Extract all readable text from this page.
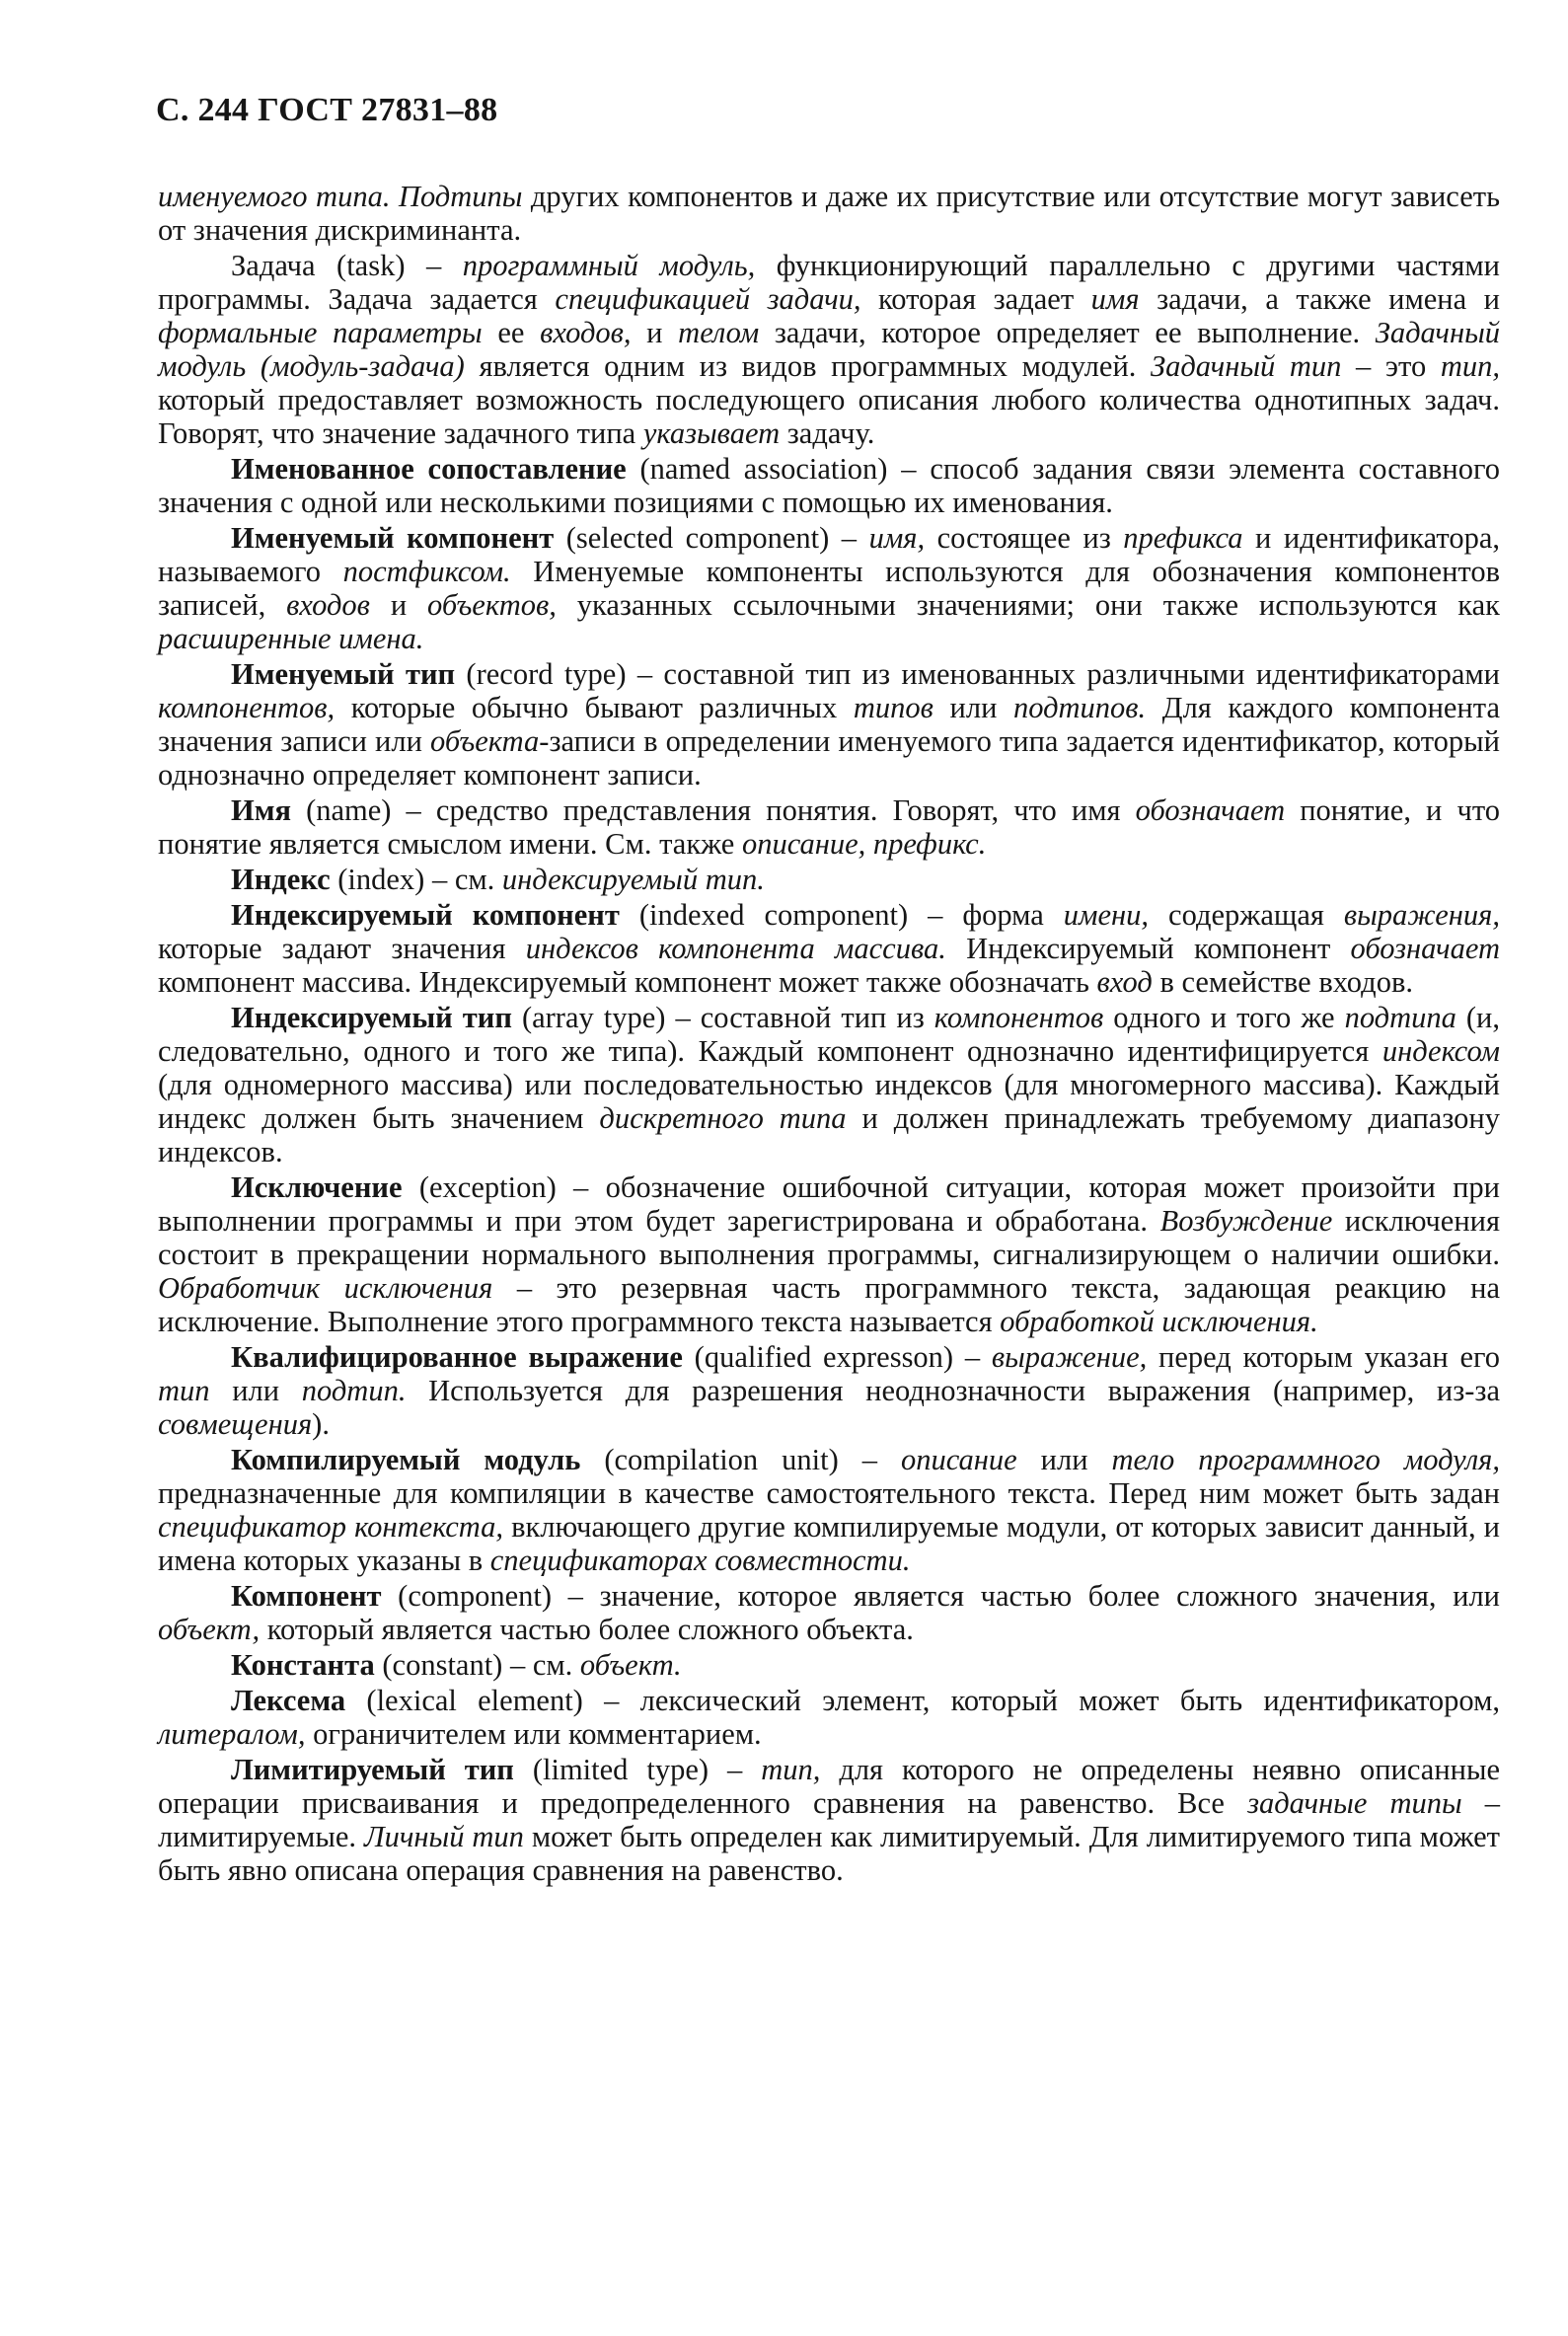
С. 244 ГОСТ 27831–88
именуемого типа. Подтипы других компонентов и даже их присутствие или отсутствие могут зависеть от значения дискриминанта.
Задача (task) – программный модуль, функционирующий параллельно с другими частями программы. Задача задается спецификацией задачи, которая задает имя задачи, а также имена и формальные параметры ее входов, и телом задачи, которое определяет ее выполнение. Задачный модуль (модуль-задача) является одним из видов программных модулей. Задачный тип – это тип, который предоставляет возможность последующего описания любого количества однотипных задач. Говорят, что значение задачного типа указывает задачу.
Именованное сопоставление (named association) – способ задания связи элемента составного значения с одной или несколькими позициями с помощью их именования.
Именуемый компонент (selected component) – имя, состоящее из префикса и идентификатора, называемого постфиксом. Именуемые компоненты используются для обозначения компонентов записей, входов и объектов, указанных ссылочными значениями; они также используются как расширенные имена.
Именуемый тип (record type) – составной тип из именованных различными идентификаторами компонентов, которые обычно бывают различных типов или подтипов. Для каждого компонента значения записи или объекта-записи в определении именуемого типа задается идентификатор, который однозначно определяет компонент записи.
Имя (name) – средство представления понятия. Говорят, что имя обозначает понятие, и что понятие является смыслом имени. См. также описание, префикс.
Индекс (index) – см. индексируемый тип.
Индексируемый компонент (indexed component) – форма имени, содержащая выражения, которые задают значения индексов компонента массива. Индексируемый компонент обозначает компонент массива. Индексируемый компонент может также обозначать вход в семействе входов.
Индексируемый тип (array type) – составной тип из компонентов одного и того же подтипа (и, следовательно, одного и того же типа). Каждый компонент однозначно идентифицируется индексом (для одномерного массива) или последовательностью индексов (для многомерного массива). Каждый индекс должен быть значением дискретного типа и должен принадлежать требуемому диапазону индексов.
Исключение (exception) – обозначение ошибочной ситуации, которая может произойти при выполнении программы и при этом будет зарегистрирована и обработана. Возбуждение исключения состоит в прекращении нормального выполнения программы, сигнализирующем о наличии ошибки. Обработчик исключения – это резервная часть программного текста, задающая реакцию на исключение. Выполнение этого программного текста называется обработкой исключения.
Квалифицированное выражение (qualified expresson) – выражение, перед которым указан его тип или подтип. Используется для разрешения неоднозначности выражения (например, из-за совмещения).
Компилируемый модуль (compilation unit) – описание или тело программного модуля, предназначенные для компиляции в качестве самостоятельного текста. Перед ним может быть задан спецификатор контекста, включающего другие компилируемые модули, от которых зависит данный, и имена которых указаны в спецификаторах совместности.
Компонент (component) – значение, которое является частью более сложного значения, или объект, который является частью более сложного объекта.
Константа (constant) – см. объект.
Лексема (lexical element) – лексический элемент, который может быть идентификатором, литералом, ограничителем или комментарием.
Лимитируемый тип (limited type) – тип, для которого не определены неявно описанные операции присваивания и предопределенного сравнения на равенство. Все задачные типы – лимитируемые. Личный тип может быть определен как лимитируемый. Для лимитируемого типа может быть явно описана операция сравнения на равенство.
